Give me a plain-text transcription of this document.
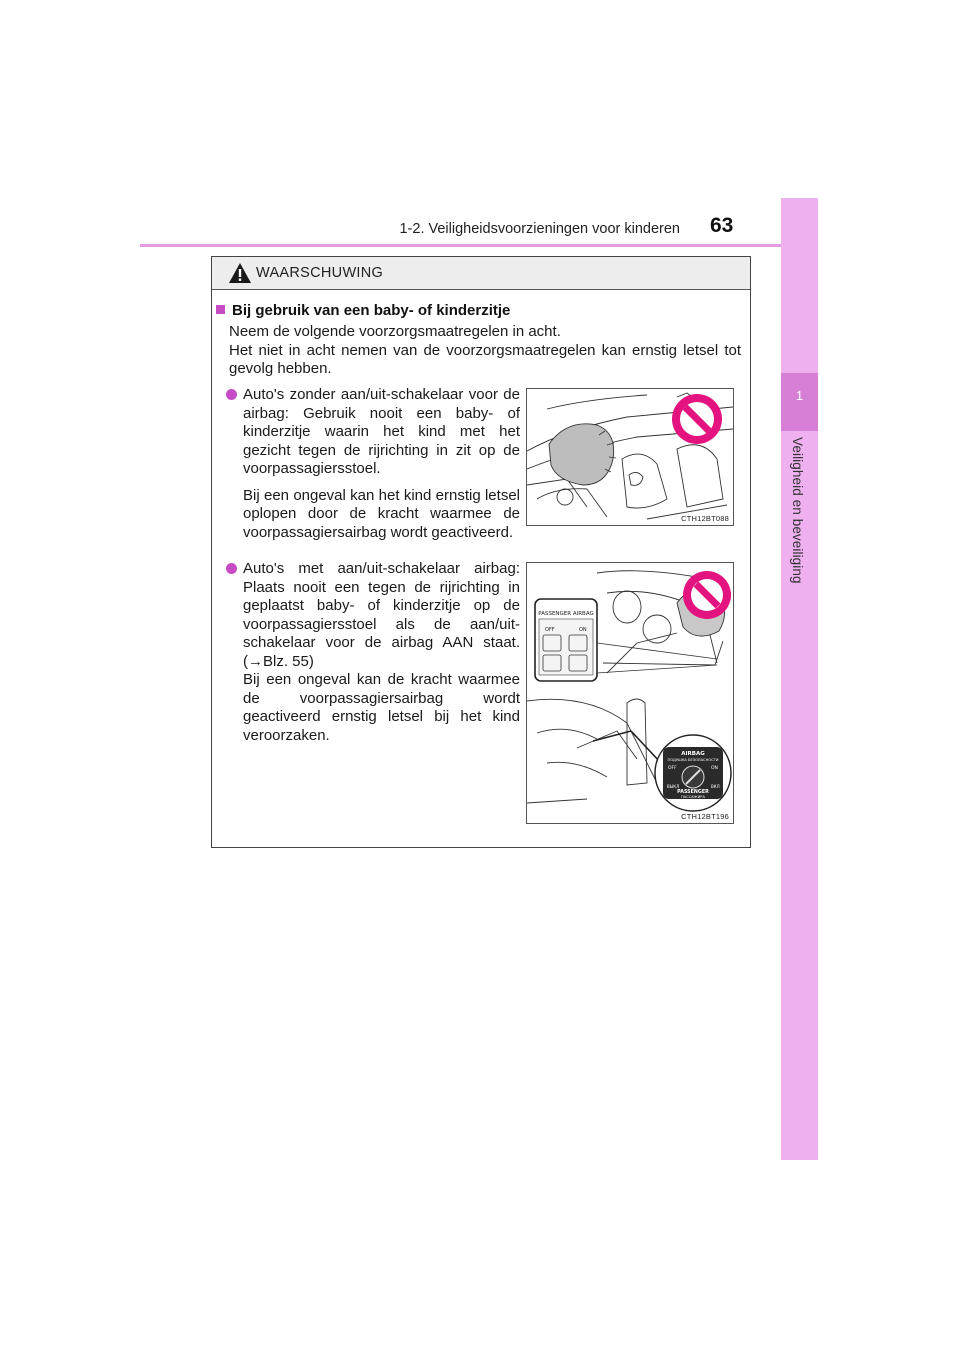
1-2. Veiligheidsvoorzieningen voor kinderen 63
1
Veiligheid en beveiliging
WAARSCHUWING
Bij gebruik van een baby- of kinderzitje

Neem de volgende voorzorgsmaatregelen in acht.

Het niet in acht nemen van de voorzorgsmaatregelen kan ernstig letsel tot gevolg hebben.

Auto's zonder aan/uit-schakelaar voor de airbag: Gebruik nooit een baby- of kinderzitje waarin het kind met het gezicht tegen de rijrichting in zit op de voorpassagiersstoel.

Bij een ongeval kan het kind ernstig letsel oplopen door de kracht waarmee de voorpassagiersairbag wordt geactiveerd.

Auto's met aan/uit-schakelaar airbag: Plaats nooit een tegen de rijrichting in geplaatst baby- of kinderzitje op de voorpassagiersstoel als de aan/uit-schakelaar voor de airbag AAN staat. (→Blz. 55)

Bij een ongeval kan de kracht waarmee de voorpassagiersairbag wordt geactiveerd ernstig letsel bij het kind veroorzaken.

CTH12BT088
PASSENGER AIRBAG
OFF	ON
AIRBAG
ПОДУШКА БЕЗОПАСНОСТИ
OFF	ON
ВЫКЛ	ВКЛ
PASSENGER
ПАССАЖИРА
CTH12BT196
